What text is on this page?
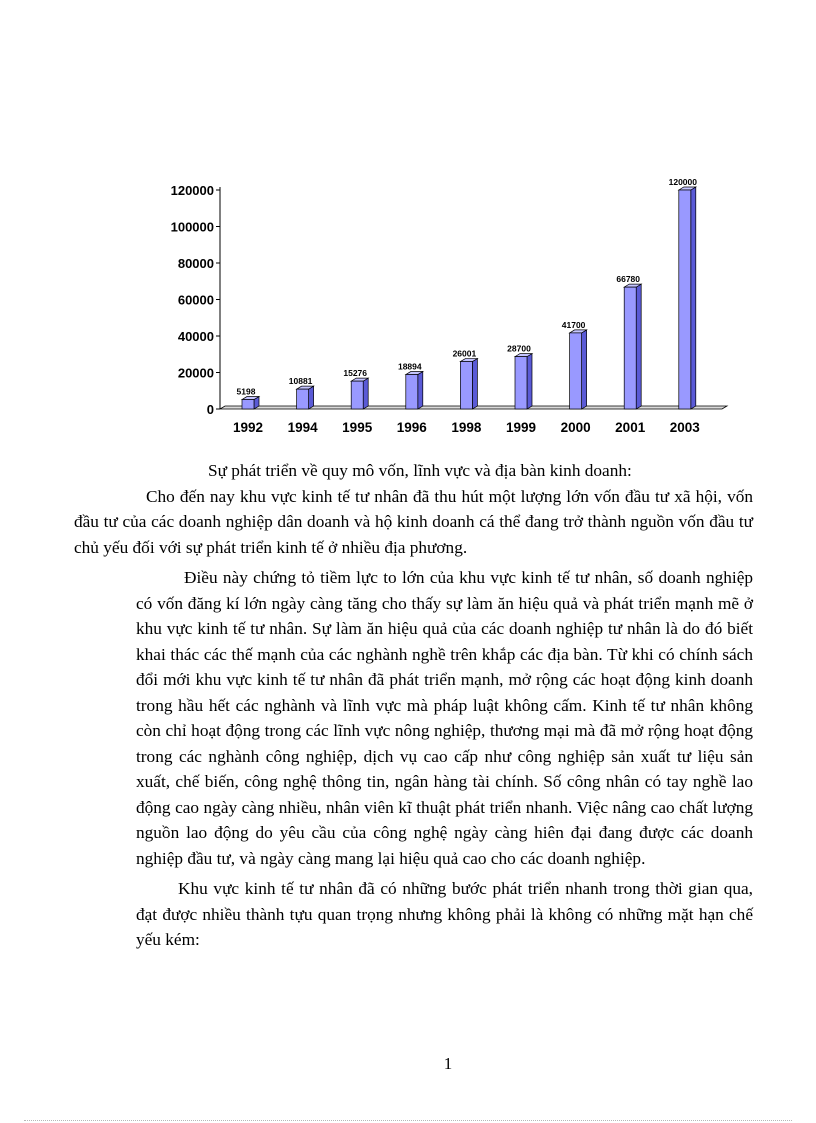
0
20000
40000
60000
80000
100000
120000
5198
1992
10881
1994
15276
1995
18894
1996
26001
1998
28700
1999
41700
2000
66780
2001
120000
2003

Sự phát triển về quy mô vốn, lĩnh vực và địa bàn kinh doanh:

Cho đến nay khu vực kinh tế tư nhân đã thu hút một lượng lớn vốn đầu tư xã hội, vốn đầu tư của các doanh nghiệp dân doanh và hộ kinh doanh cá thể đang trở thành nguồn vốn đầu tư chủ yếu đối với sự phát triển kinh tế ở nhiều địa phương.

Điều này chứng tỏ tiềm lực to lớn của khu vực kinh tế tư nhân, số doanh nghiệp có vốn đăng kí lớn ngày càng tăng cho thấy sự làm ăn hiệu quả và phát triển mạnh mẽ ở khu vực kinh tế tư nhân. Sự làm ăn hiệu quả của các doanh nghiệp tư nhân là do đó biết khai thác các thế mạnh của các nghành nghề trên khắp các địa bàn. Từ khi có chính sách đổi mới khu vực kinh tế tư nhân đã phát triển mạnh, mở rộng các hoạt động kinh doanh trong hầu hết các nghành và lĩnh vực mà pháp luật không cấm. Kinh tế tư nhân không còn chỉ hoạt động trong các lĩnh vực nông nghiệp, thương mại mà đã mở rộng hoạt động trong các nghành công nghiệp, dịch vụ cao cấp như công nghiệp sản xuất tư liệu sản xuất, chế biến, công nghệ thông tin, ngân hàng tài chính. Số công nhân có tay nghề lao động cao ngày càng nhiều, nhân viên kĩ thuật phát triển nhanh. Việc nâng cao chất lượng nguồn lao động do yêu cầu của công nghệ ngày càng hiên đại đang được các doanh nghiệp đầu tư, và ngày càng mang lại hiệu quả cao cho các doanh nghiệp.

Khu vực kinh tế tư nhân đã có những bước phát triển nhanh trong thời gian qua, đạt được nhiều thành tựu quan trọng nhưng không phải là không có những mặt hạn chế yếu kém:

1
